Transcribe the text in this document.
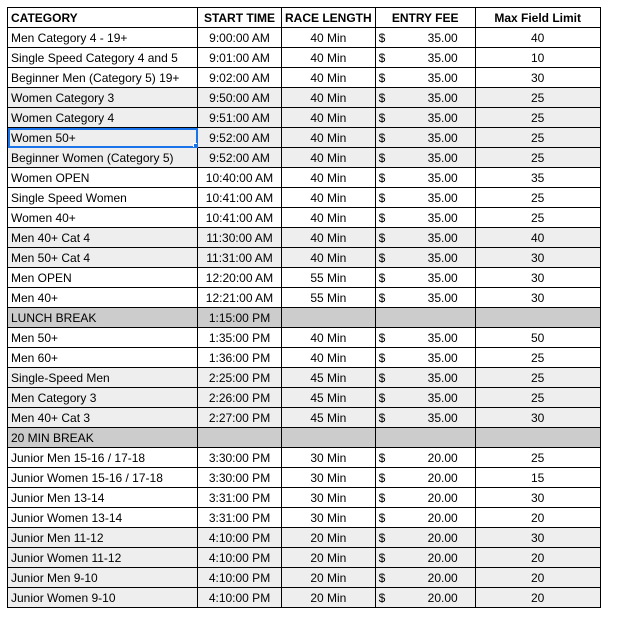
CATEGORY	START TIME	RACE LENGTH	ENTRY FEE	Max Field Limit
Men Category 4 - 19+	9:00:00 AM	40 Min	$ 35.00	40
Single Speed Category 4 and 5	9:01:00 AM	40 Min	$ 35.00	10
Beginner Men (Category 5) 19+	9:02:00 AM	40 Min	$ 35.00	30
Women Category 3	9:50:00 AM	40 Min	$ 35.00	25
Women Category 4	9:51:00 AM	40 Min	$ 35.00	25
Women 50+	9:52:00 AM	40 Min	$ 35.00	25
Beginner Women (Category 5)	9:52:00 AM	40 Min	$ 35.00	25
Women OPEN	10:40:00 AM	40 Min	$ 35.00	35
Single Speed Women	10:41:00 AM	40 Min	$ 35.00	25
Women 40+	10:41:00 AM	40 Min	$ 35.00	25
Men 40+ Cat 4	11:30:00 AM	40 Min	$ 35.00	40
Men 50+ Cat 4	11:31:00 AM	40 Min	$ 35.00	30
Men OPEN	12:20:00 AM	55 Min	$ 35.00	30
Men 40+	12:21:00 AM	55 Min	$ 35.00	30
LUNCH BREAK	1:15:00 PM		

Men 50+	1:35:00 PM	40 Min	$ 35.00	50
Men 60+	1:36:00 PM	40 Min	$ 35.00	25
Single-Speed Men	2:25:00 PM	45 Min	$ 35.00	25
Men Category 3	2:26:00 PM	45 Min	$ 35.00	25
Men 40+ Cat 3	2:27:00 PM	45 Min	$ 35.00	30
20 MIN BREAK			

Junior Men 15-16 / 17-18	3:30:00 PM	30 Min	$ 20.00	25
Junior Women 15-16 / 17-18	3:30:00 PM	30 Min	$ 20.00	15
Junior Men 13-14	3:31:00 PM	30 Min	$ 20.00	30
Junior Women 13-14	3:31:00 PM	30 Min	$ 20.00	20
Junior Men 11-12	4:10:00 PM	20 Min	$ 20.00	30
Junior Women 11-12	4:10:00 PM	20 Min	$ 20.00	20
Junior Men 9-10	4:10:00 PM	20 Min	$ 20.00	20
Junior Women 9-10	4:10:00 PM	20 Min	$ 20.00	20
